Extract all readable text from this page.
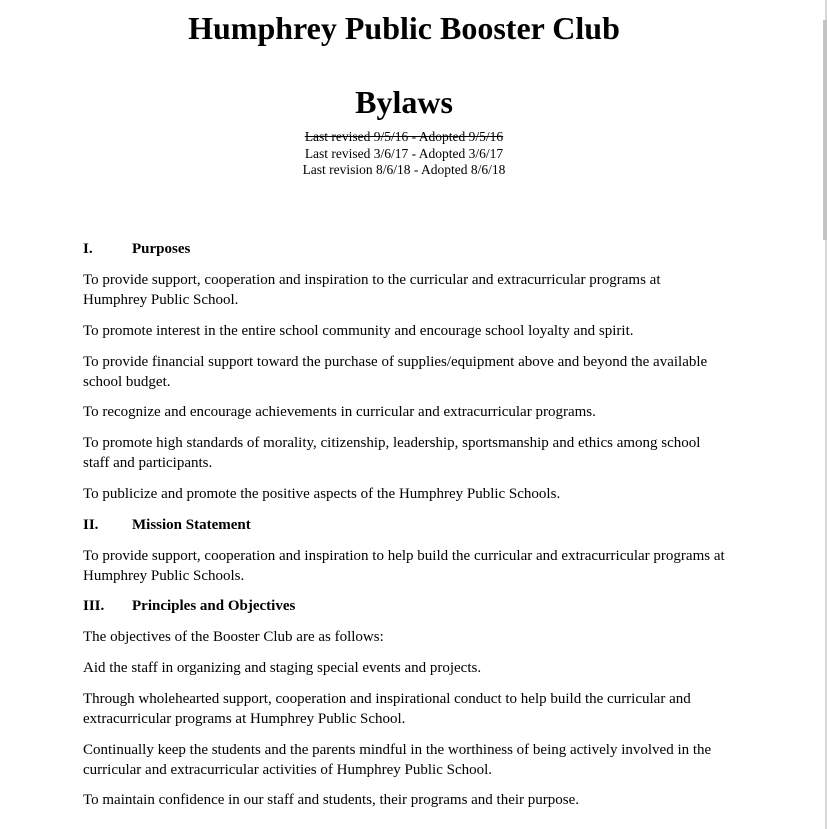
Humphrey Public Booster Club
Bylaws
Last revised 9/5/16 - Adopted 9/5/16
Last revised 3/6/17 - Adopted 3/6/17
Last revision 8/6/18 - Adopted 8/6/18
I.	Purposes

To provide support, cooperation and inspiration to the curricular and extracurricular programs at Humphrey Public School.

To promote interest in the entire school community and encourage school loyalty and spirit.

To provide financial support toward the purchase of supplies/equipment above and beyond the available school budget.

To recognize and encourage achievements in curricular and extracurricular programs.

To promote high standards of morality, citizenship, leadership, sportsmanship and ethics among school staff and participants.

To publicize and promote the positive aspects of the Humphrey Public Schools.

II. Mission Statement

To provide support, cooperation and inspiration to help build the curricular and extracurricular programs at Humphrey Public Schools.

III. Principles and Objectives

The objectives of the Booster Club are as follows:

Aid the staff in organizing and staging special events and projects.

Through wholehearted support, cooperation and inspirational conduct to help build the curricular and extracurricular programs at Humphrey Public School.

Continually keep the students and the parents mindful in the worthiness of being actively involved in the curricular and extracurricular activities of Humphrey Public School.

To maintain confidence in our staff and students, their programs and their purpose.
